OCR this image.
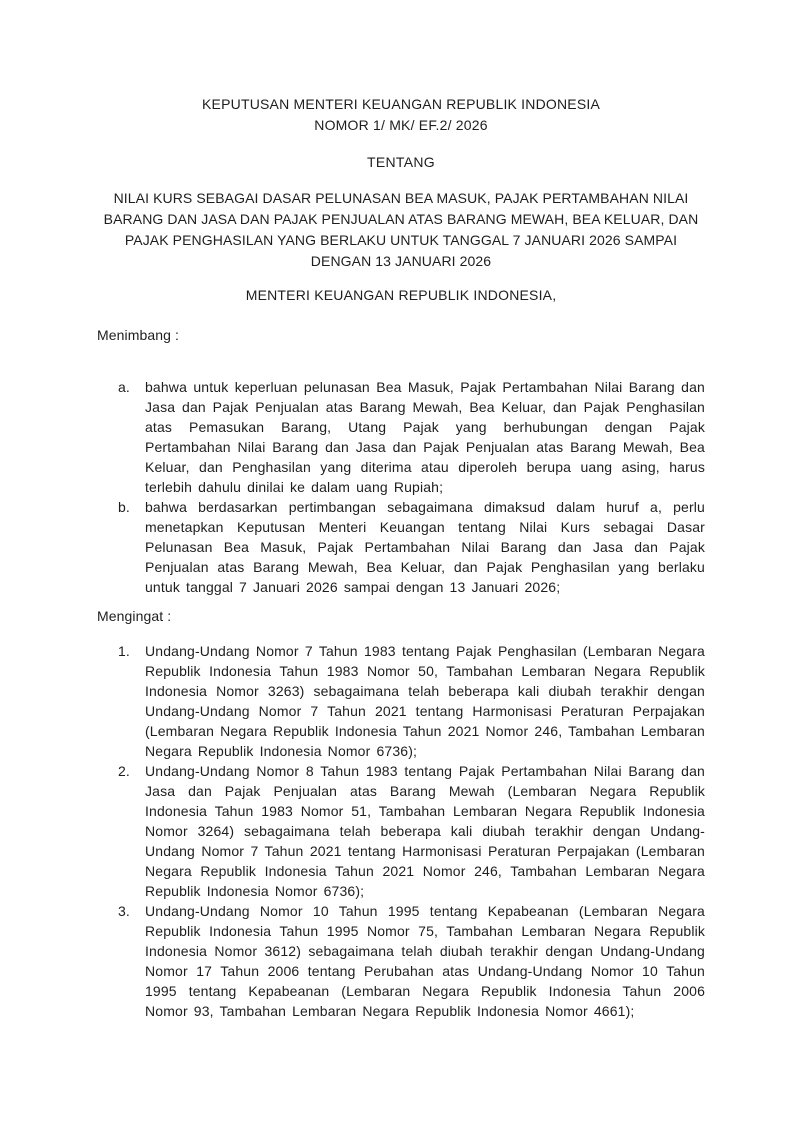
KEPUTUSAN MENTERI KEUANGAN REPUBLIK INDONESIA
NOMOR 1/ MK/ EF.2/ 2026
TENTANG
NILAI KURS SEBAGAI DASAR PELUNASAN BEA MASUK, PAJAK PERTAMBAHAN NILAI BARANG DAN JASA DAN PAJAK PENJUALAN ATAS BARANG MEWAH, BEA KELUAR, DAN PAJAK PENGHASILAN YANG BERLAKU UNTUK TANGGAL 7 JANUARI 2026 SAMPAI DENGAN 13 JANUARI 2026
MENTERI KEUANGAN REPUBLIK INDONESIA,
Menimbang :
a.	bahwa untuk keperluan pelunasan Bea Masuk, Pajak Pertambahan Nilai Barang dan Jasa dan Pajak Penjualan atas Barang Mewah, Bea Keluar, dan Pajak Penghasilan atas Pemasukan Barang, Utang Pajak yang berhubungan dengan Pajak Pertambahan Nilai Barang dan Jasa dan Pajak Penjualan atas Barang Mewah, Bea Keluar, dan Penghasilan yang diterima atau diperoleh berupa uang asing, harus terlebih dahulu dinilai ke dalam uang Rupiah;
b.	bahwa berdasarkan pertimbangan sebagaimana dimaksud dalam huruf a, perlu menetapkan Keputusan Menteri Keuangan tentang Nilai Kurs sebagai Dasar Pelunasan Bea Masuk, Pajak Pertambahan Nilai Barang dan Jasa dan Pajak Penjualan atas Barang Mewah, Bea Keluar, dan Pajak Penghasilan yang berlaku untuk tanggal 7 Januari 2026 sampai dengan 13 Januari 2026;
Mengingat :
1.	Undang-Undang Nomor 7 Tahun 1983 tentang Pajak Penghasilan (Lembaran Negara Republik Indonesia Tahun 1983 Nomor 50, Tambahan Lembaran Negara Republik Indonesia Nomor 3263) sebagaimana telah beberapa kali diubah terakhir dengan Undang-Undang Nomor 7 Tahun 2021 tentang Harmonisasi Peraturan Perpajakan (Lembaran Negara Republik Indonesia Tahun 2021 Nomor 246, Tambahan Lembaran Negara Republik Indonesia Nomor 6736);
2.	Undang-Undang Nomor 8 Tahun 1983 tentang Pajak Pertambahan Nilai Barang dan Jasa dan Pajak Penjualan atas Barang Mewah (Lembaran Negara Republik Indonesia Tahun 1983 Nomor 51, Tambahan Lembaran Negara Republik Indonesia Nomor 3264) sebagaimana telah beberapa kali diubah terakhir dengan Undang-Undang Nomor 7 Tahun 2021 tentang Harmonisasi Peraturan Perpajakan (Lembaran Negara Republik Indonesia Tahun 2021 Nomor 246, Tambahan Lembaran Negara Republik Indonesia Nomor 6736);
3.	Undang-Undang Nomor 10 Tahun 1995 tentang Kepabeanan (Lembaran Negara Republik Indonesia Tahun 1995 Nomor 75, Tambahan Lembaran Negara Republik Indonesia Nomor 3612) sebagaimana telah diubah terakhir dengan Undang-Undang Nomor 17 Tahun 2006 tentang Perubahan atas Undang-Undang Nomor 10 Tahun 1995 tentang Kepabeanan (Lembaran Negara Republik Indonesia Tahun 2006 Nomor 93, Tambahan Lembaran Negara Republik Indonesia Nomor 4661);
